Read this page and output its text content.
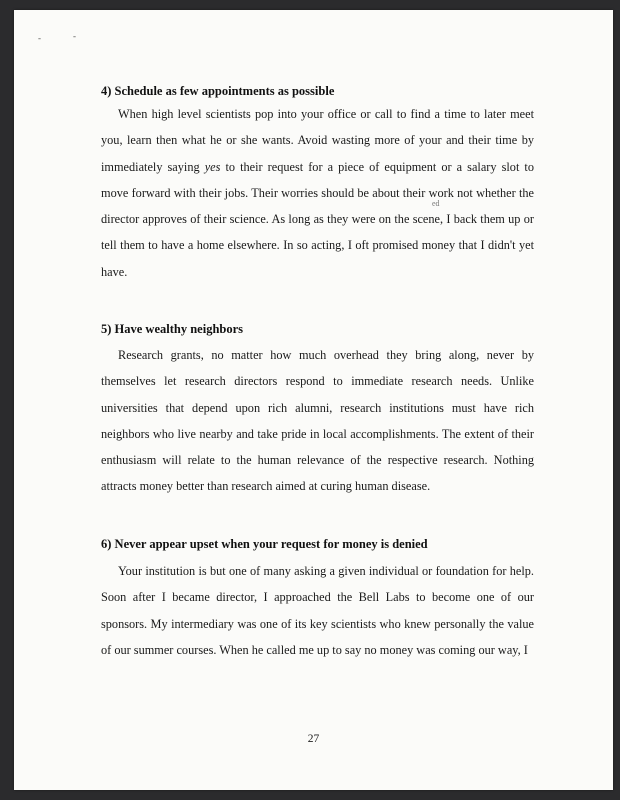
-	-
4) Schedule as few appointments as possible

When high level scientists pop into your office or call to find a time to later meet you, learn then what he or she wants. Avoid wasting more of your and their time by immediately saying yes to their request for a piece of equipment or a salary slot to move forward with their jobs. Their worries should be about their work not whether the director approves of their science. As long as they were on the scene, I back them up or tell them to have a home elsewhere. In so acting, I oft promised money that I didn't yet have.

ed
5) Have wealthy neighbors

Research grants, no matter how much overhead they bring along, never by themselves let research directors respond to immediate research needs. Unlike universities that depend upon rich alumni, research institutions must have rich neighbors who live nearby and take pride in local accomplishments. The extent of their enthusiasm will relate to the human relevance of the respective research. Nothing attracts money better than research aimed at curing human disease.

6) Never appear upset when your request for money is denied

Your institution is but one of many asking a given individual or foundation for help. Soon after I became director, I approached the Bell Labs to become one of our sponsors. My intermediary was one of its key scientists who knew personally the value of our summer courses. When he called me up to say no money was coming our way, I

27
